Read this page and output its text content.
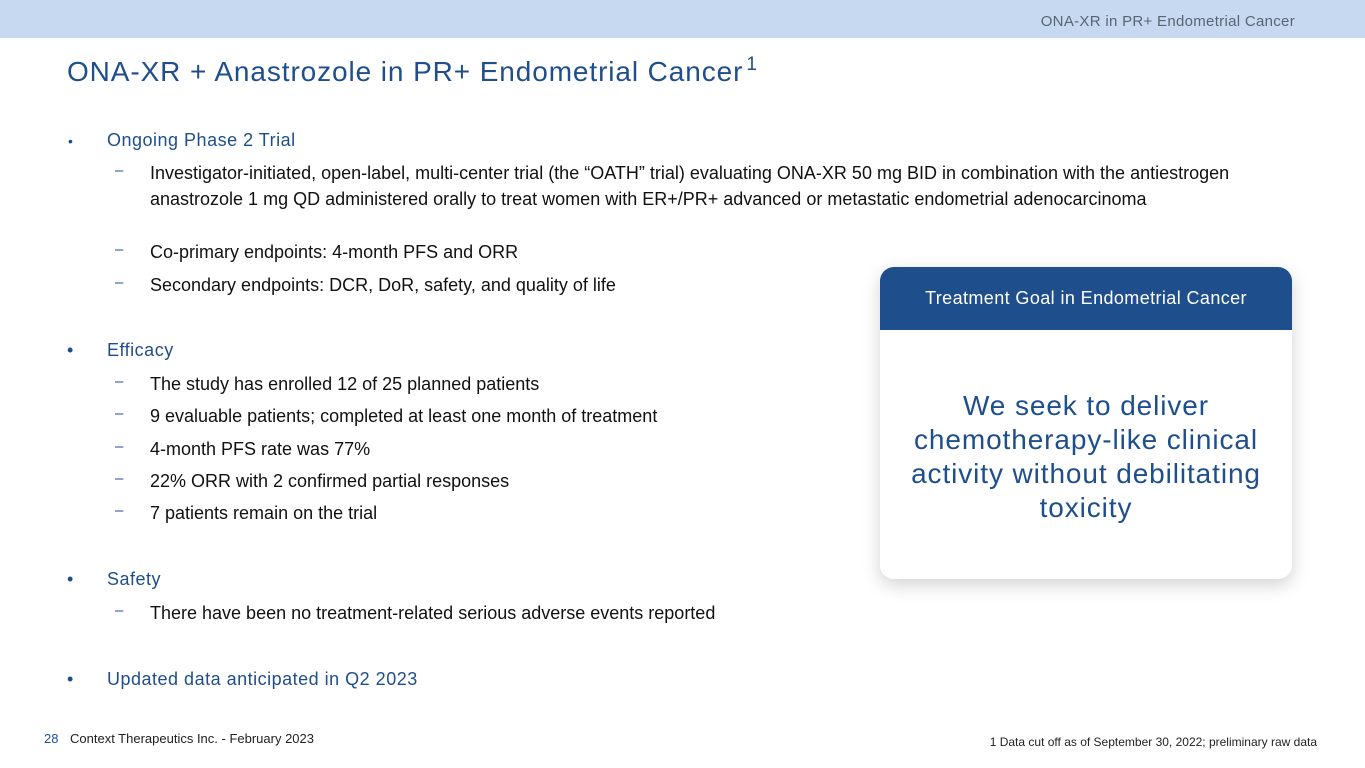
ONA-XR in PR+ Endometrial Cancer
ONA-XR + Anastrozole in PR+ Endometrial Cancer $^1$
• Ongoing Phase 2 Trial
– Investigator-initiated, open-label, multi-center trial (the “OATH” trial) evaluating ONA-XR 50 mg BID in combination with the antiestrogen anastrozole 1 mg QD administered orally to treat women with ER+/PR+ advanced or metastatic endometrial adenocarcinoma
– Co-primary endpoints: 4-month PFS and ORR
– Secondary endpoints: DCR, DoR, safety, and quality of life
• Efficacy
– The study has enrolled 12 of 25 planned patients
– 9 evaluable patients; completed at least one month of treatment
– 4-month PFS rate was 77%
– 22% ORR with 2 confirmed partial responses
– 7 patients remain on the trial
• Safety
– There have been no treatment-related serious adverse events reported
• Updated data anticipated in Q2 2023
Treatment Goal in Endometrial Cancer
We seek to deliver chemotherapy-like clinical activity without debilitating toxicity
28 Context Therapeutics Inc. - February 2023	1 Data cut off as of September 30, 2022; preliminary raw data
